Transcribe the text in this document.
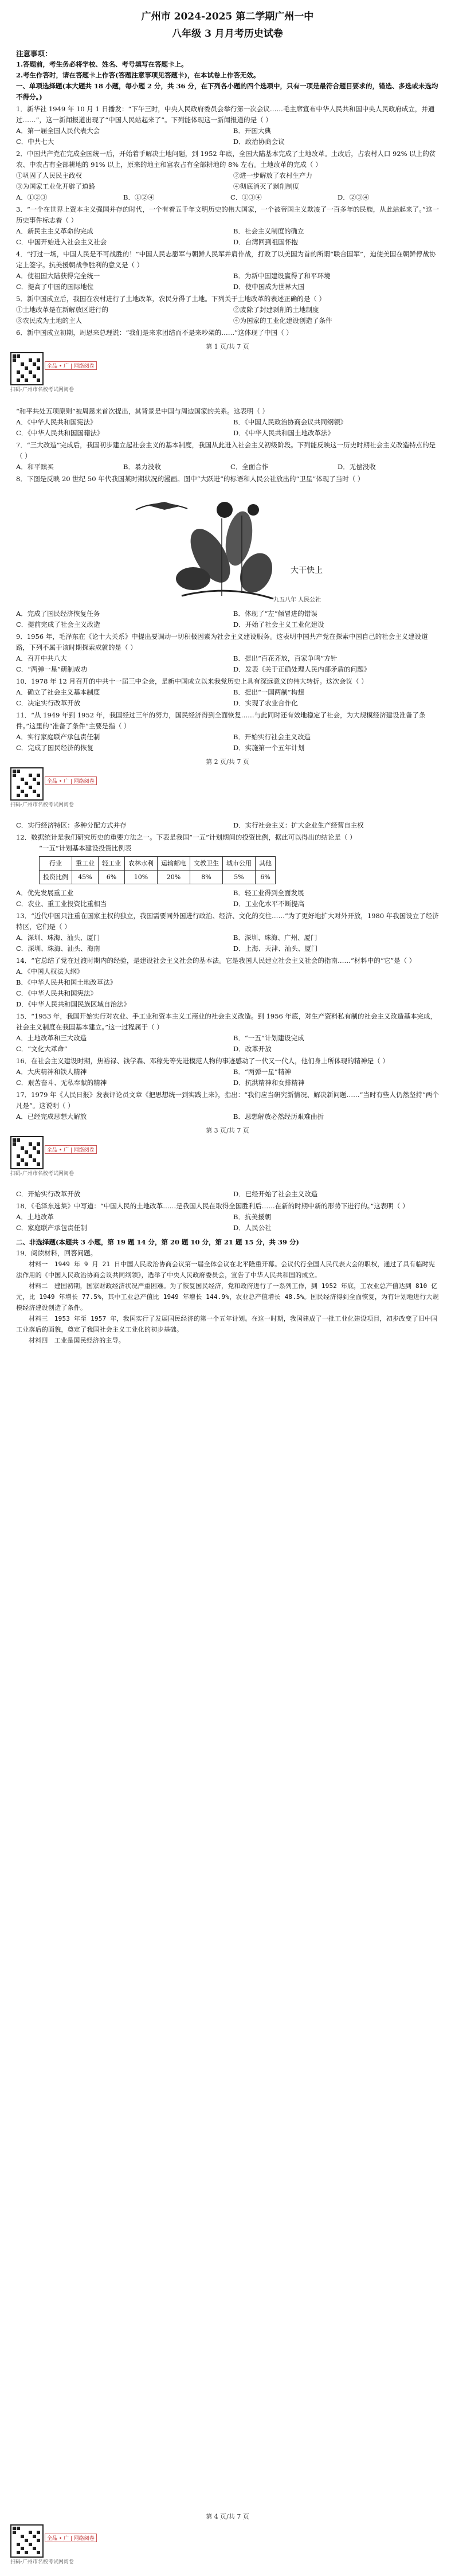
广州市 2024-2025 第二学期广州一中
八年级 3 月月考历史试卷
注意事项：
1.答题前，考生务必将学校、姓名、考号填写在答题卡上。
2.考生作答时，请在答题卡上作答(答题注意事项见答题卡)，在本试卷上作答无效。
一、单项选择题(本大题共 18 小题，每小题 2 分，共 36 分，在下列各小题的四个选项中，只有一项是最符合题目要求的，错选、多选或未选均不得分。)
1．新华社 1949 年 10 月 1 日播发：“下午三时，中央人民政府委员会举行第一次会议……毛主席宣布中华人民共和国中央人民政府成立，并通过……”，这一新闻报道出现了“中国人民站起来了”。下列能体现这一新闻报道的是（ ）
A．第一届全国人民代表大会	B．开国大典
C．中共七大	D．政治协商会议
2．中国共产党在完成全国统一后，开始着手解决土地问题，到 1952 年底，全国大陆基本完成了土地改革。土改后，占农村人口 92% 以上的贫农、中农占有全部耕地的 91% 以上，原来的地主和富农占有全部耕地的 8% 左右。土地改革的完成（ ）
①巩固了人民民主政权	②进一步解放了农村生产力
③为国家工业化开辟了道路	④彻底消灭了剥削制度
A．①②③	B．①②④	C．①③④	D．②③④
3．“一个在世界上资本主义强国并存的时代，一个有着五千年文明历史的伟大国家，一个被帝国主义欺凌了一百多年的民族，从此站起来了。”这一历史事件标志着（ ）
A．新民主主义革命的完成	B．社会主义制度的确立
C．中国开始进入社会主义社会	D．台湾回到祖国怀抱
4．“打过一场，中国人民是不可战胜的！”中国人民志愿军与朝鲜人民军并肩作战，打败了以美国为首的所谓“联合国军”，迫使美国在朝鲜停战协定上签字。抗美援朝战争胜利的意义是（ ）
A．使祖国大陆获得完全统一	B．为新中国建设赢得了和平环境
C．提高了中国的国际地位	D．使中国成为世界大国
5．新中国成立后，我国在农村进行了土地改革，农民分得了土地。下列关于土地改革的表述正确的是（ ）
①土地改革是在新解放区进行的	②废除了封建剥削的土地制度
③农民成为土地的主人	④为国家的工业化建设创造了条件
6．新中国成立初期，周恩来总理说：“我们是来求团结而不是来吵架的……”这体现了中国（ ）
第 1 页/共 7 页
全品 • 广 | 网络阅卷
扫码·广州市名校考试网阅卷
“和平共处五项原则”被周恩来首次提出，其背景是中国与周边国家的关系。这表明（ ）
A．《中华人民共和国宪法》	B．《中国人民政治协商会议共同纲领》
C．《中华人民共和国国籍法》	D．《中华人民共和国土地改革法》
7．“三大改造”完成后，我国初步建立起社会主义的基本制度，我国从此进入社会主义初级阶段。下列能反映这一历史时期社会主义改造特点的是（ ）
A．和平赎买	B．暴力没收	C．全面合作	D．无偿没收
8．下图是反映 20 世纪 50 年代我国某时期状况的漫画。图中“大跃进”的标语和人民公社放出的“卫星”体现了当时（ ）
大干快上
一九五八年 人民公社
A．完成了国民经济恢复任务	B．体现了“左”倾冒进的错误
C．提前完成了社会主义改造	D．开始了社会主义工业化建设
9．1956 年，毛泽东在《论十大关系》中提出要调动一切积极因素为社会主义建设服务。这表明中国共产党在探索中国自己的社会主义建设道路，下列不属于该时期探索成就的是（ ）
A．召开中共八大	B．提出“百花齐放，百家争鸣”方针
C．“两弹一星”研制成功	D．发表《关于正确处理人民内部矛盾的问题》
10．1978 年 12 月召开的中共十一届三中全会，是新中国成立以来我党历史上具有深远意义的伟大转折。这次会议（ ）
A．确立了社会主义基本制度	B．提出“一国两制”构想
C．决定实行改革开放	D．实现了农业合作化
11．“从 1949 年到 1952 年，我国经过三年的努力，国民经济得到全面恢复……与此同时还有效地稳定了社会，为大规模经济建设准备了条件。”这里的“准备了条件”主要是指（ ）
A．实行家庭联产承包责任制	B．开始实行社会主义改造
C．完成了国民经济的恢复	D．实施第一个五年计划
第 2 页/共 7 页
全品 • 广 | 网络阅卷
扫码·广州市名校考试网阅卷
C．实行经济特区：多种分配方式并存	D．实行社会主义：扩大企业生产经营自主权
12．数据统计是我们研究历史的重要方法之一。下表是我国“一五”计划期间的投资比例，据此可以得出的结论是（ ）
“一五”计划基本建设投资比例表
行业	重工业	轻工业	农林水利	运输邮电	文教卫生	城市公用	其他
投资比例	45%	6%	10%	20%	8%	5%	6%
A．优先发展重工业	B．轻工业得到全面发展
C．农业、重工业投资比重相当	D．工业化水平不断提高
13．“近代中国只注重在国家主权的独立，我国需要同外国进行政治、经济、文化的交往……”为了更好地扩大对外开放，1980 年我国设立了经济特区，它们是（ ）
A．深圳、珠海、汕头、厦门	B．深圳、珠海、广州、厦门
C．深圳、珠海、汕头、海南	D．上海、天津、汕头、厦门
14．“它总结了党在过渡时期内的经验，是建设社会主义社会的基本法。它是我国人民建立社会主义社会的指南……”材料中的“它”是（ ）
A．《中国人权法大纲》
B．《中华人民共和国土地改革法》
C．《中华人民共和国宪法》
D．《中华人民共和国民族区域自治法》
15．“1953 年，我国开始实行对农业、手工业和资本主义工商业的社会主义改造。到 1956 年底，对生产资料私有制的社会主义改造基本完成，社会主义制度在我国基本建立。”这一过程属于（ ）
A．土地改革和三大改造	B．“一五”计划建设完成
C．“文化大革命”	D．改革开放
16．在社会主义建设时期，焦裕禄、钱学森、邓稼先等先进模范人物的事迹感动了一代又一代人，他们身上所体现的精神是（ ）
A．大庆精神和铁人精神	B．“两弹一星”精神
C．艰苦奋斗、无私奉献的精神	D．抗洪精神和女排精神
17．1979 年《人民日报》发表评论员文章《把思想统一到实践上来》，指出：“我们应当研究新情况、解决新问题……”当时有些人仍然坚持“两个凡是”。这说明（ ）
A．已经完成思想大解放	B．思想解放必然经历艰难曲折
第 3 页/共 7 页
全品 • 广 | 网络阅卷
扫码·广州市名校考试网阅卷
C．开始实行改革开放	D．已经开始了社会主义改造
18．《毛泽东选集》中写道：“中国人民的土地改革……是我国人民在取得全国胜利后……在新的时期中新的形势下进行的。”这表明（ ）
A．土地改革	B．抗美援朝
C．家庭联产承包责任制	D．人民公社
二、非选择题(本题共 3 小题，第 19 题 14 分，第 20 题 10 分，第 21 题 15 分，共 39 分)
19．阅读材料，回答问题。
材料一　1949 年 9 月 21 日中国人民政治协商会议第一届全体会议在北平隆重开幕。会议代行全国人民代表大会的职权，通过了具有临时宪法作用的《中国人民政治协商会议共同纲领》，选举了中央人民政府委员会，宣告了中华人民共和国的成立。
材料二　建国初期，国家财政经济状况严重困难。为了恢复国民经济，党和政府进行了一系列工作，到 1952 年底，工农业总产值达到 810 亿元，比 1949 年增长 77.5%，其中工业总产值比 1949 年增长 144.9%，农业总产值增长 48.5%。国民经济得到全面恢复，为有计划地进行大规模经济建设创造了条件。
材料三　1953 年至 1957 年，我国实行了发展国民经济的第一个五年计划。在这一时期，我国建成了一批工业化建设项目，初步改变了旧中国工业落后的面貌，奠定了我国社会主义工业化的初步基础。
材料四　工业是国民经济的主导。
第 4 页/共 7 页
全品 • 广 | 网络阅卷
扫码·广州市名校考试网阅卷
